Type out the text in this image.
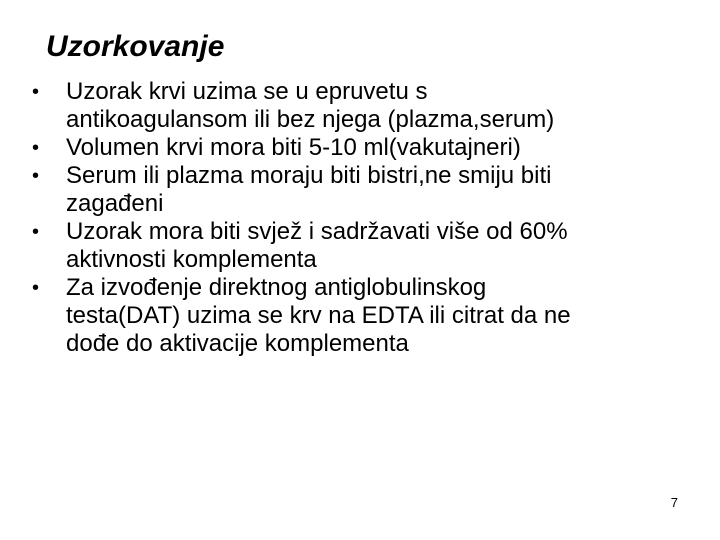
Uzorkovanje
• Uzorak krvi uzima se u epruvetu s
antikoagulansom ili bez njega (plazma,serum)
• Volumen krvi mora biti 5-10 ml(vakutajneri)
• Serum ili plazma moraju biti bistri,ne smiju biti
zagađeni
• Uzorak mora biti svjež i sadržavati više od 60%
aktivnosti komplementa
• Za izvođenje direktnog antiglobulinskog
testa(DAT) uzima se krv na EDTA ili citrat da ne
dođe do aktivacije komplementa
7
